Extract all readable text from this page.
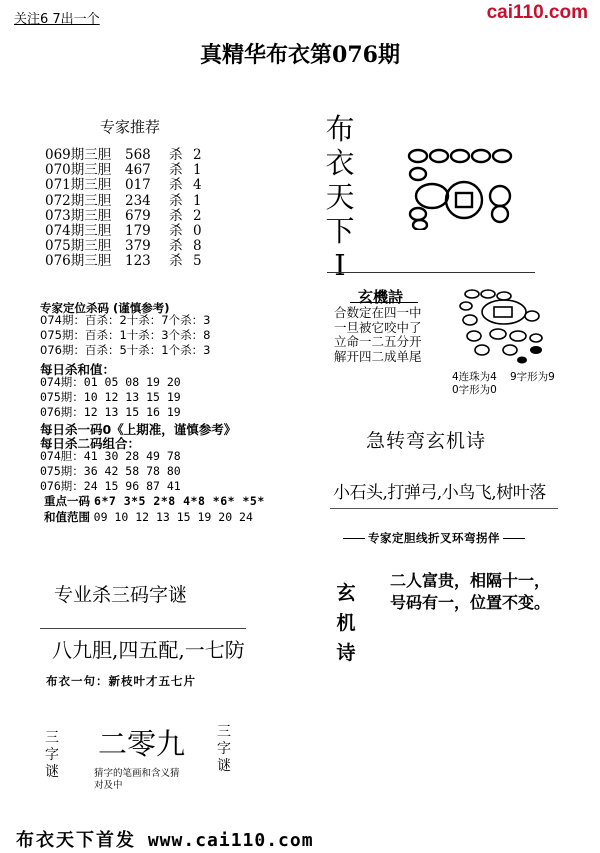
关注6 7出一个	cai110.com
真精华布衣第076期
专家推荐
069期三胆 568 杀 2
070期三胆 467 杀 1
071期三胆 017 杀 4
072期三胆 234 杀 1
073期三胆 679 杀 2
074期三胆 179 杀 0
075期三胆 379 杀 8
076期三胆 123 杀 5
专家定位杀码 (谨慎参考)
074期：百杀：2十杀：7个杀：3
075期：百杀：1十杀：3个杀：8
076期：百杀：5十杀：1个杀：3
每日杀和值：
074期：01 05 08 19 20
075期：10 12 13 15 19
076期：12 13 15 16 19
每日杀一码0《上期准，谨慎参考》
每日杀二码组合：
074胆：41 30 28 49 78
075期：36 42 58 78 80
076期：24 15 96 87 41
重点一码 6*7 3*5 2*8 4*8 *6* *5*
和值范围 09 10 12 13 15 19 20 24
专业杀三码字谜
八九胆,四五配,一七防
布衣一句：新枝叶才五七片
三字谜
二零九 三字谜
猜字的笔画和含义猜对及中
布衣天下I
玄機詩
合数定在四一中
一旦被它咬中了
立命一二五分开
解开四二成单尾
4连珠为4 9字形为9
0字形为0
急转弯玄机诗
小石头,打弹弓,小鸟飞,树叶落
专家定胆线折叉环弯拐伴
玄机诗
二人富贵，相隔十一，
号码有一，位置不变。
布衣天下首发 www.cai110.com
